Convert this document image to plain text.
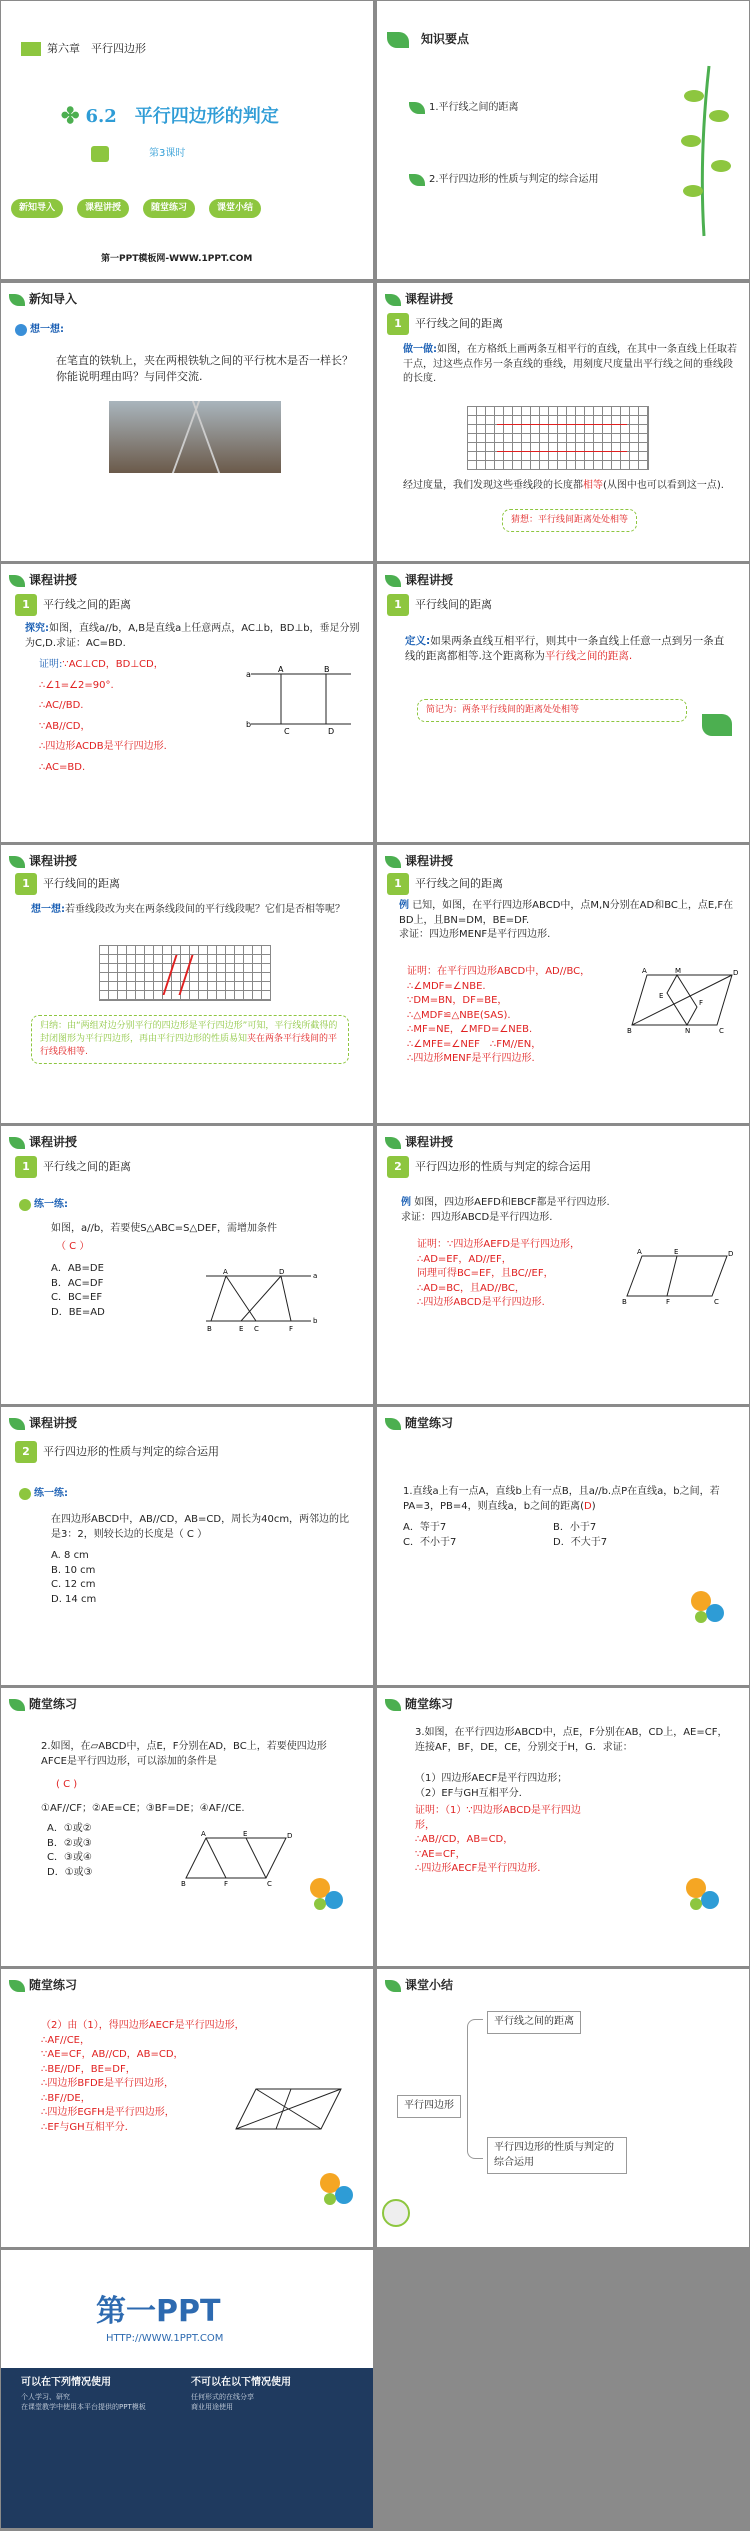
第六章　平行四边形
✤ 6.2　平行四边形的判定
第3课时
新知导入	课程讲授	随堂练习	课堂小结
第一PPT模板网-WWW.1PPT.COM
知识要点
1.平行线之间的距离
2.平行四边形的性质与判定的综合运用
新知导入
想一想:
在笔直的铁轨上，夹在两根铁轨之间的平行枕木是否一样长？你能说明理由吗？与同伴交流.
课程讲授
1	平行线之间的距离
做一做:如图，在方格纸上画两条互相平行的直线，在其中一条直线上任取若干点，过这些点作另一条直线的垂线，用刻度尺度量出平行线之间的垂线段的长度.
经过度量，我们发现这些垂线段的长度都相等(从图中也可以看到这一点).
猜想：平行线间距离处处相等
课程讲授
1	平行线之间的距离
探究:如图，直线a//b，A,B是直线a上任意两点，AC⊥b，BD⊥b，垂足分别为C,D.求证：AC=BD.
证明:∵AC⊥CD，BD⊥CD，
∴∠1=∠2=90°.
∴AC//BD.
∵AB//CD，
∴四边形ACDB是平行四边形.
∴AC=BD.
a
b
A	B
C	D
课程讲授
1	平行线间的距离
定义:如果两条直线互相平行，则其中一条直线上任意一点到另一条直线的距离都相等.这个距离称为平行线之间的距离.
简记为：两条平行线间的距离处处相等
课程讲授
1	平行线间的距离
想一想:若垂线段改为夹在两条线段间的平行线段呢？它们是否相等呢？
归纳：由“两组对边分别平行的四边形是平行四边形”可知，平行线所截得的封闭图形为平行四边形，再由平行四边形的性质易知夹在两条平行线间的平行线段相等.
课程讲授
1	平行线之间的距离
例 已知，如图，在平行四边形ABCD中，点M,N分别在AD和BC上，点E,F在BD上，且BN=DM，BE=DF.
求证：四边形MENF是平行四边形.
证明：在平行四边形ABCD中，AD//BC，
∴∠MDF=∠NBE.
∵DM=BN，DF=BE，
∴△MDF≌△NBE(SAS).
∴MF=NE，∠MFD=∠NEB.
∴∠MFE=∠NEF　∴FM//EN，
∴四边形MENF是平行四边形.
A	M	D
E
F
B	N	C
课程讲授
1	平行线之间的距离
练一练:
如图，a//b，若要使S△ABC=S△DEF，需增加条件
（ C ）
A．AB=DE
B．AC=DF
C．BC=EF
D．BE=AD
A	D	a
B	E C	F
b
课程讲授
2	平行四边形的性质与判定的综合运用
例 如图，四边形AEFD和EBCF都是平行四边形.
求证：四边形ABCD是平行四边形.
证明：∵四边形AEFD是平行四边形，
∴AD=EF，AD//EF，
同理可得BC=EF，且BC//EF，
∴AD=BC，且AD//BC，
∴四边形ABCD是平行四边形.
A	D
E
F
B	C
课程讲授
2	平行四边形的性质与判定的综合运用
练一练:
在四边形ABCD中，AB//CD，AB=CD，周长为40cm，两邻边的比是3：2，则较长边的长度是（ C ）
A. 8 cm
B. 10 cm
C. 12 cm
D. 14 cm
随堂练习
1.直线a上有一点A，直线b上有一点B，且a//b.点P在直线a，b之间，若PA=3，PB=4，则直线a，b之间的距离(D)
A．等于7	B．小于7
C．不小于7	D．不大于7
随堂练习
2.如图，在▱ABCD中，点E，F分别在AD，BC上，若要使四边形AFCE是平行四边形，可以添加的条件是
( C )
①AF//CF；②AE=CE；③BF=DE；④AF//CE.
A．①或②
B．②或③
C．③或④
D．①或③
A	E	D
B	F	C
随堂练习
3.如图，在平行四边形ABCD中，点E，F分别在AB，CD上，AE=CF，连接AF，BF，DE，CE，分别交于H，G．求证：
（1）四边形AECF是平行四边形；
（2）EF与GH互相平分．
证明：（1）∵四边形ABCD是平行四边形，
∴AB//CD，AB=CD，
∵AE=CF，
∴四边形AECF是平行四边形.
随堂练习
（2）由（1），得四边形AECF是平行四边形，
∴AF//CE，
∵AE=CF，AB//CD，AB=CD，
∴BE//DF，BE=DF，
∴四边形BFDE是平行四边形，
∴BF//DE，
∴四边形EGFH是平行四边形，
∴EF与GH互相平分．
课堂小结
平行四边形
平行线之间的距离
平行四边形的性质与判定的综合运用
第一PPT
HTTP://WWW.1PPT.COM
可以在下列情况使用	不可以在以下情况使用
个人学习、研究
在课堂教学中使用本平台提供的PPT模板
任何形式的在线分享
商业用途使用
